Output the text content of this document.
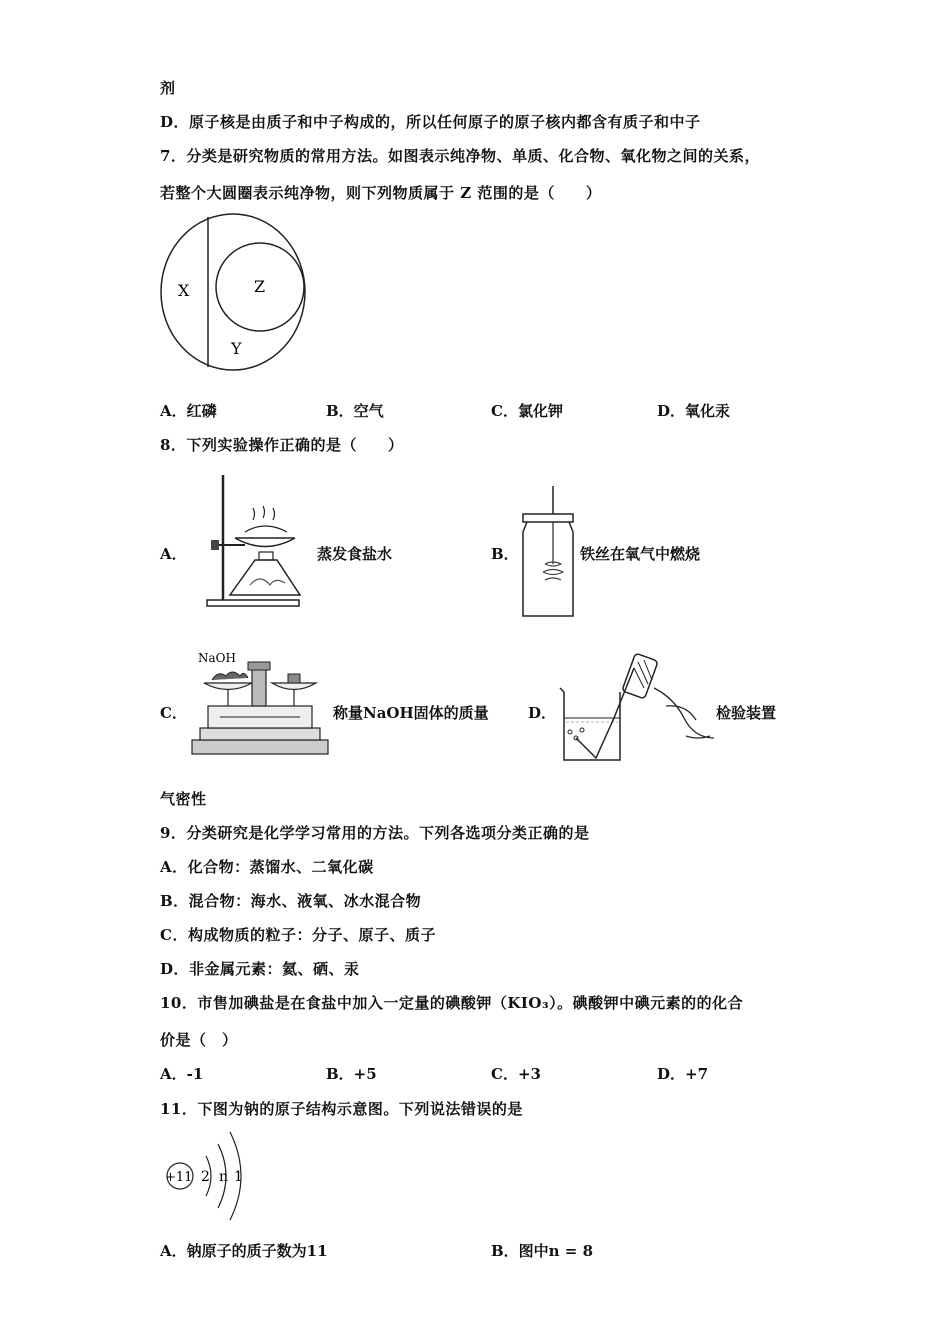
剂
D．原子核是由质子和中子构成的，所以任何原子的原子核内都含有质子和中子
7．分类是研究物质的常用方法。如图表示纯净物、单质、化合物、氧化物之间的关系，
若整个大圆圈表示纯净物，则下列物质属于 Z 范围的是（　　）
X	Z
Y
A．红磷	B．空气	C．氯化钾	D．氧化汞
8．下列实验操作正确的是（　　）
A．	蒸发食盐水	B．	铁丝在氧气中燃烧
C．
NaOH
称量NaOH固体的质量	D．	检验装置
气密性
9．分类研究是化学学习常用的方法。下列各选项分类正确的是
A．化合物：蒸馏水、二氧化碳
B．混合物：海水、液氧、冰水混合物
C．构成物质的粒子：分子、原子、质子
D．非金属元素：氦、硒、汞
10．市售加碘盐是在食盐中加入一定量的碘酸钾（KIO₃）。碘酸钾中碘元素的的化合
价是（　）
A．-1	B．+5	C．+3	D．+7
11．下图为钠的原子结构示意图。下列说法错误的是
+11 2 n 1
A．钠原子的质子数为11	B．图中n = 8
